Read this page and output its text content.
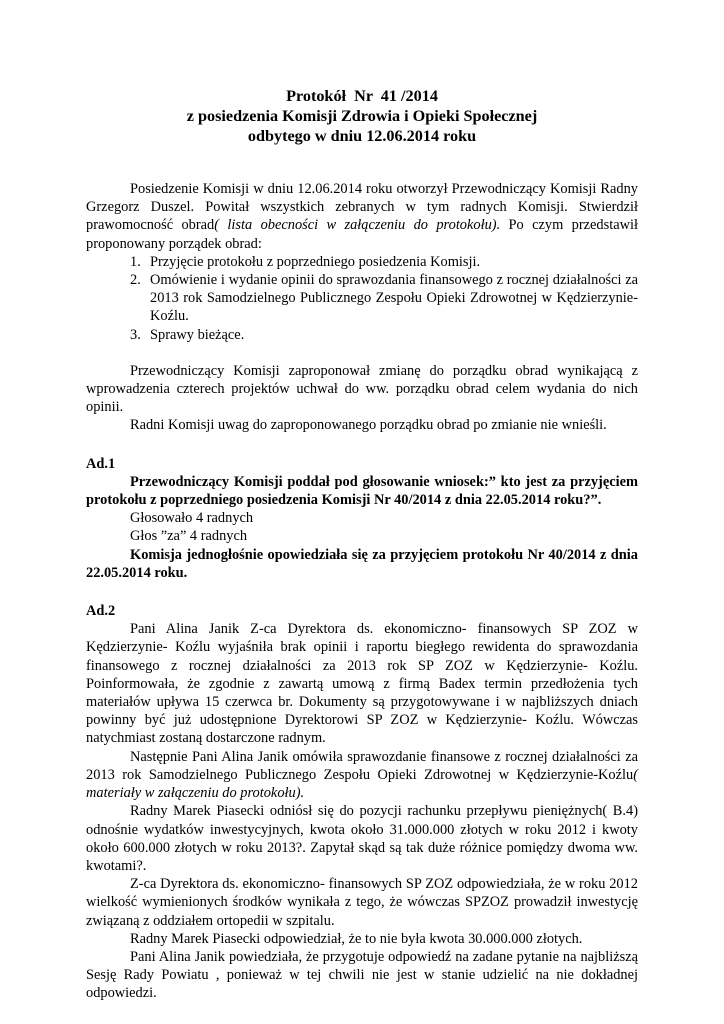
Protokół  Nr  41 /2014
z posiedzenia Komisji Zdrowia i Opieki Społecznej
odbytego w dniu 12.06.2014 roku

Posiedzenie Komisji w dniu 12.06.2014 roku otworzył Przewodniczący Komisji Radny Grzegorz Duszel. Powitał wszystkich zebranych w tym radnych Komisji. Stwierdził prawomocność obrad( lista obecności w załączeniu do protokołu). Po czym przedstawił proponowany porządek obrad:

1. Przyjęcie protokołu z poprzedniego posiedzenia Komisji.
2. Omówienie i wydanie opinii do sprawozdania finansowego z rocznej działalności za 2013 rok Samodzielnego Publicznego Zespołu Opieki Zdrowotnej w Kędzierzynie- Koźlu.
3. Sprawy bieżące.

Przewodniczący Komisji zaproponował zmianę do porządku obrad wynikającą z wprowadzenia czterech projektów uchwał do ww. porządku obrad celem wydania do nich opinii.

Radni Komisji uwag do zaproponowanego porządku obrad po zmianie nie wnieśli.

Ad.1

Przewodniczący Komisji poddał pod głosowanie wniosek:” kto jest za przyjęciem protokołu z poprzedniego posiedzenia Komisji Nr 40/2014 z dnia 22.05.2014 roku?”.

Głosowało 4 radnych

Głos ”za” 4 radnych

Komisja jednogłośnie opowiedziała się za przyjęciem protokołu Nr 40/2014 z dnia 22.05.2014 roku.

Ad.2

Pani Alina Janik Z-ca Dyrektora ds. ekonomiczno- finansowych SP ZOZ w Kędzierzynie- Koźlu wyjaśniła brak opinii i raportu biegłego rewidenta do sprawozdania finansowego z rocznej działalności za 2013 rok SP ZOZ w Kędzierzynie- Koźlu. Poinformowała, że zgodnie z zawartą umową z firmą Badex termin przedłożenia tych materiałów upływa 15 czerwca br. Dokumenty są przygotowywane i w najbliższych dniach powinny być już udostępnione Dyrektorowi SP ZOZ w Kędzierzynie- Koźlu. Wówczas natychmiast zostaną dostarczone radnym.

Następnie Pani Alina Janik omówiła sprawozdanie finansowe z rocznej działalności za 2013 rok Samodzielnego Publicznego Zespołu Opieki Zdrowotnej w Kędzierzynie-Koźlu( materiały w załączeniu do protokołu).

Radny Marek Piasecki odniósł się do pozycji rachunku przepływu pieniężnych( B.4) odnośnie wydatków inwestycyjnych, kwota około 31.000.000 złotych w roku 2012 i kwoty około 600.000 złotych w roku 2013?. Zapytał skąd są tak duże różnice pomiędzy dwoma ww. kwotami?.

Z-ca Dyrektora ds. ekonomiczno- finansowych SP ZOZ odpowiedziała, że w roku 2012 wielkość wymienionych środków wynikała z tego, że wówczas SPZOZ prowadził inwestycję związaną z oddziałem ortopedii w szpitalu.

Radny Marek Piasecki odpowiedział, że to nie była kwota 30.000.000 złotych.

Pani Alina Janik powiedziała, że przygotuje odpowiedź na zadane pytanie na najbliższą Sesję Rady Powiatu , ponieważ w tej chwili nie jest w stanie udzielić na nie dokładnej odpowiedzi.
